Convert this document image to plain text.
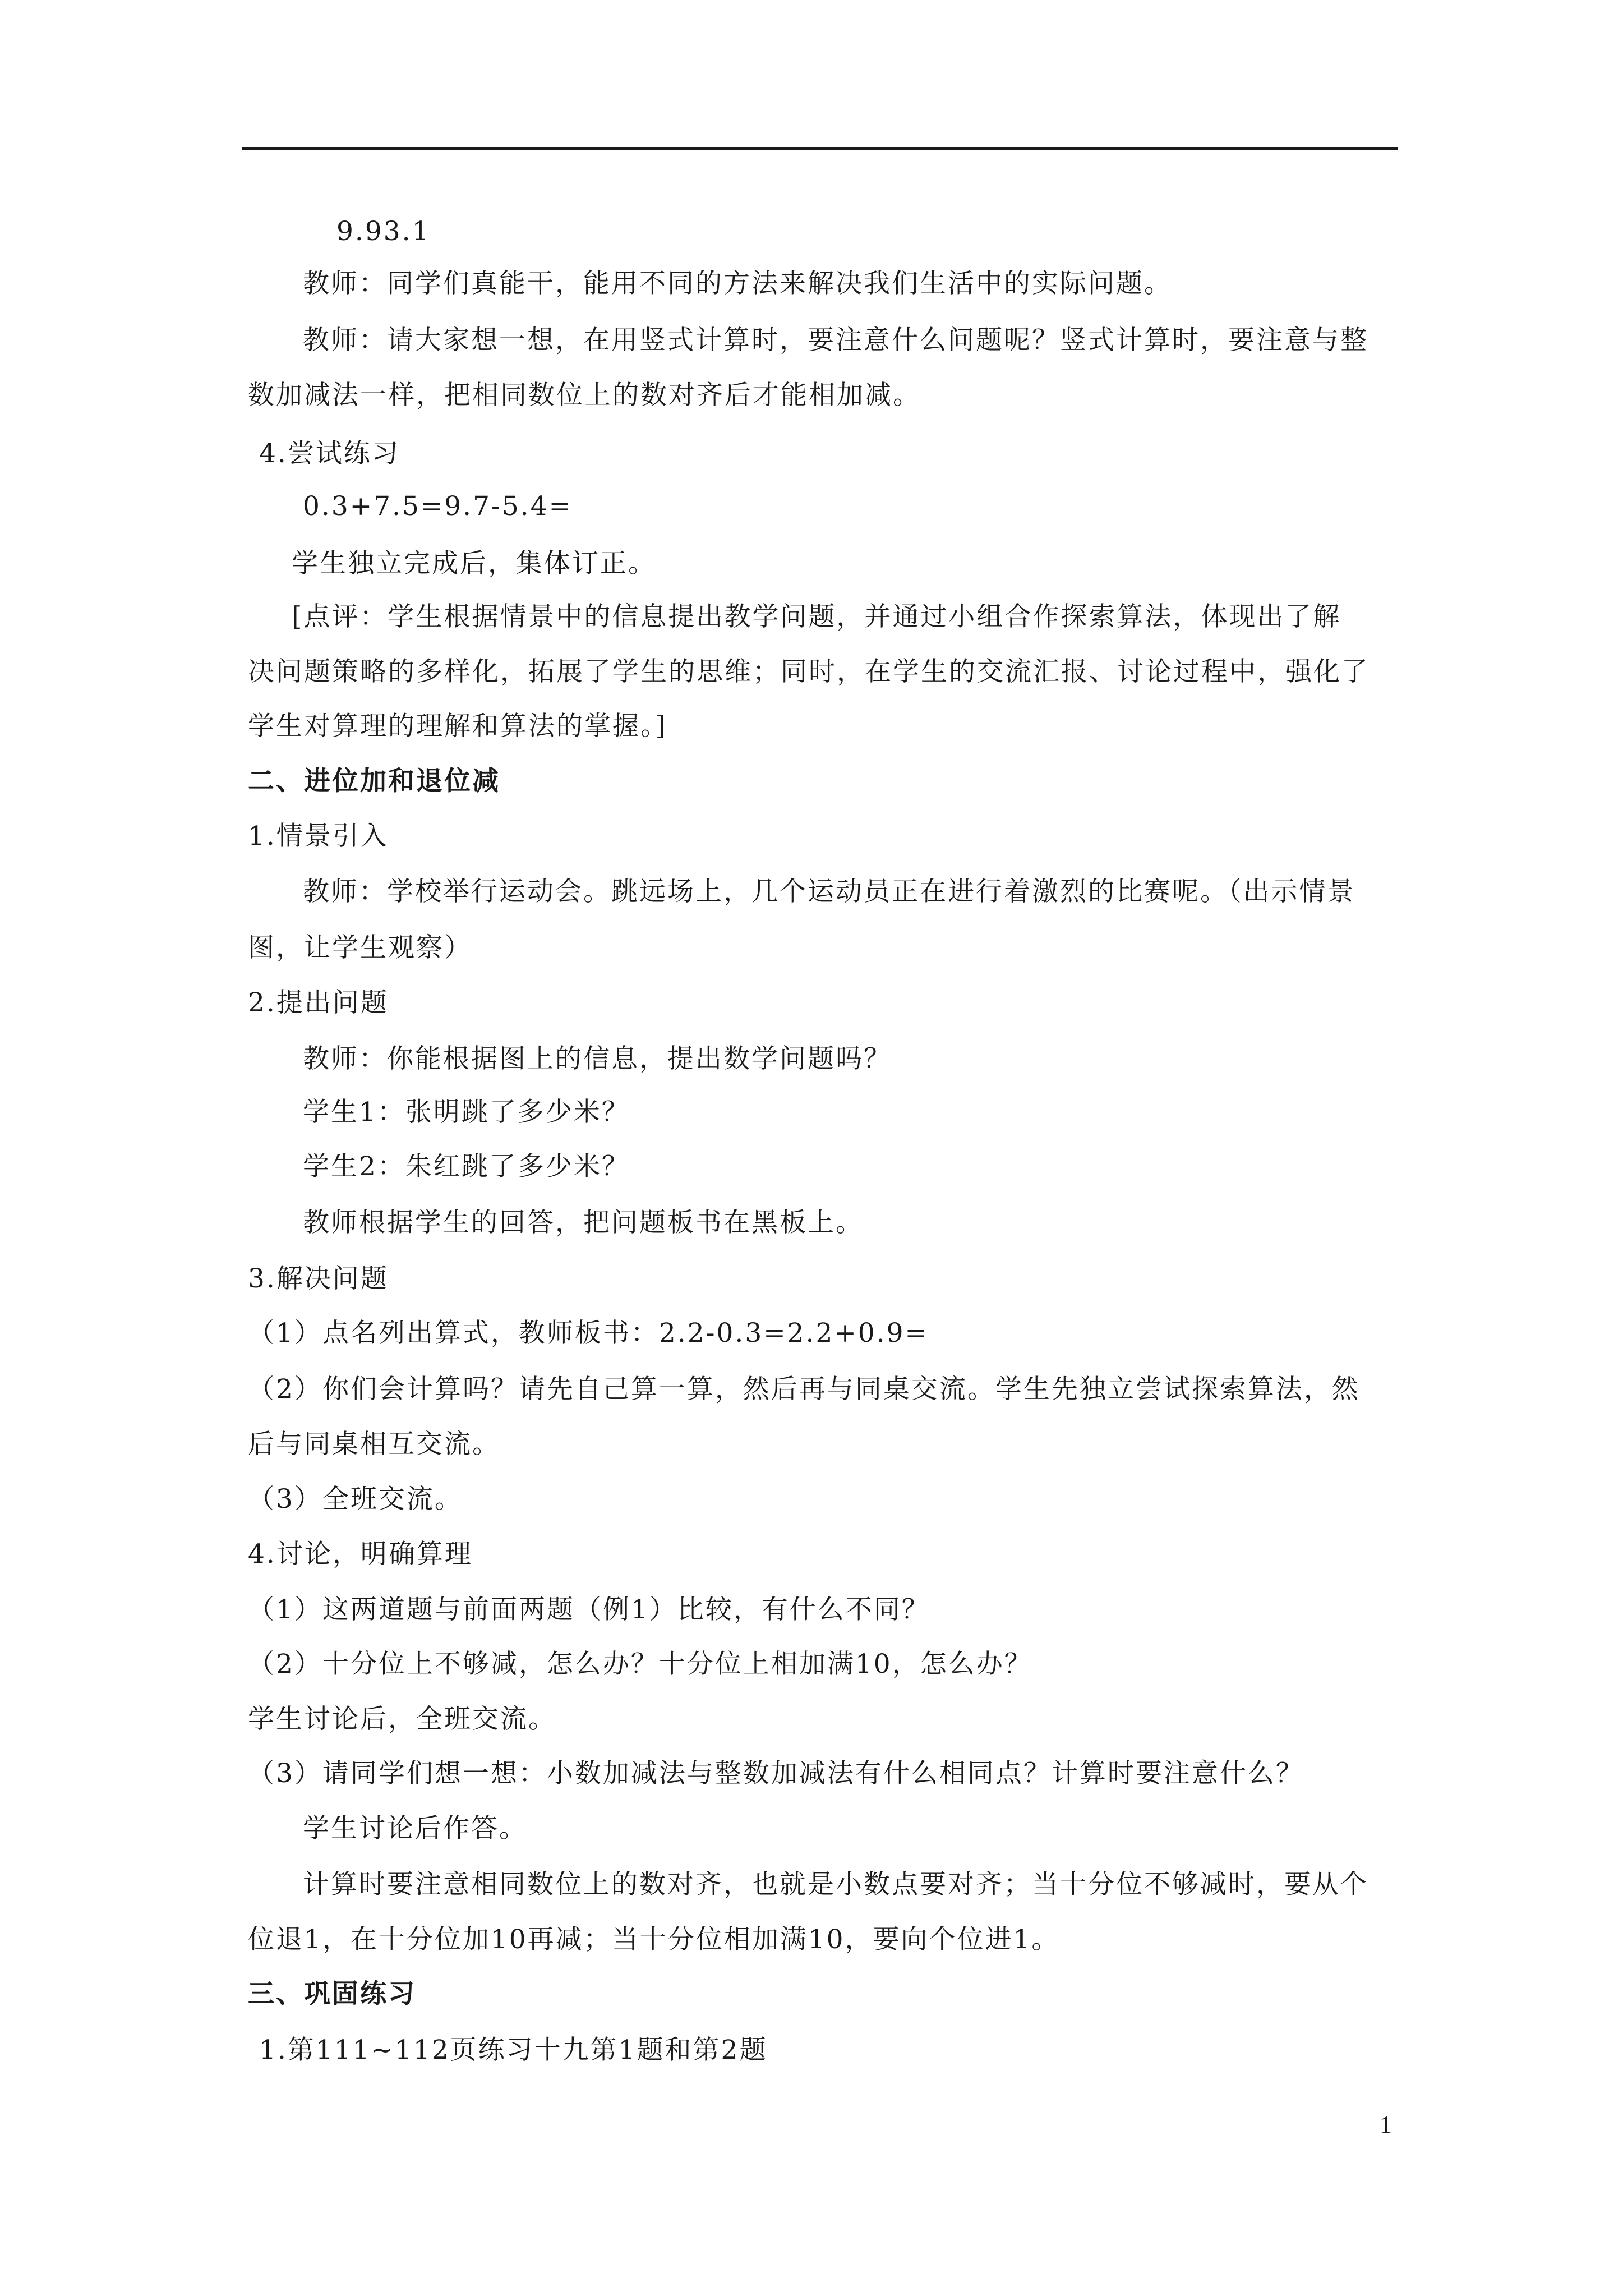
9.93.1
教师：同学们真能干，能用不同的方法来解决我们生活中的实际问题。
教师：请大家想一想，在用竖式计算时，要注意什么问题呢？竖式计算时，要注意与整
数加减法一样，把相同数位上的数对齐后才能相加减。
4.尝试练习
0.3+7.5=9.7-5.4=
学生独立完成后，集体订正。
[点评：学生根据情景中的信息提出教学问题，并通过小组合作探索算法，体现出了解
决问题策略的多样化，拓展了学生的思维；同时，在学生的交流汇报、讨论过程中，强化了
学生对算理的理解和算法的掌握。]
二、进位加和退位减
1.情景引入
教师：学校举行运动会。跳远场上，几个运动员正在进行着激烈的比赛呢。（出示情景
图，让学生观察）
2.提出问题
教师：你能根据图上的信息，提出数学问题吗？
学生1：张明跳了多少米？
学生2：朱红跳了多少米？
教师根据学生的回答，把问题板书在黑板上。
3.解决问题
（1）点名列出算式，教师板书：2.2-0.3=2.2+0.9=
（2）你们会计算吗？请先自己算一算，然后再与同桌交流。学生先独立尝试探索算法，然
后与同桌相互交流。
（3）全班交流。
4.讨论，明确算理
（1）这两道题与前面两题（例1）比较，有什么不同？
（2）十分位上不够减，怎么办？十分位上相加满10，怎么办？
学生讨论后，全班交流。
（3）请同学们想一想：小数加减法与整数加减法有什么相同点？计算时要注意什么？
学生讨论后作答。
计算时要注意相同数位上的数对齐，也就是小数点要对齐；当十分位不够减时，要从个
位退1，在十分位加10再减；当十分位相加满10，要向个位进1。
三、巩固练习
1.第111~112页练习十九第1题和第2题
1
